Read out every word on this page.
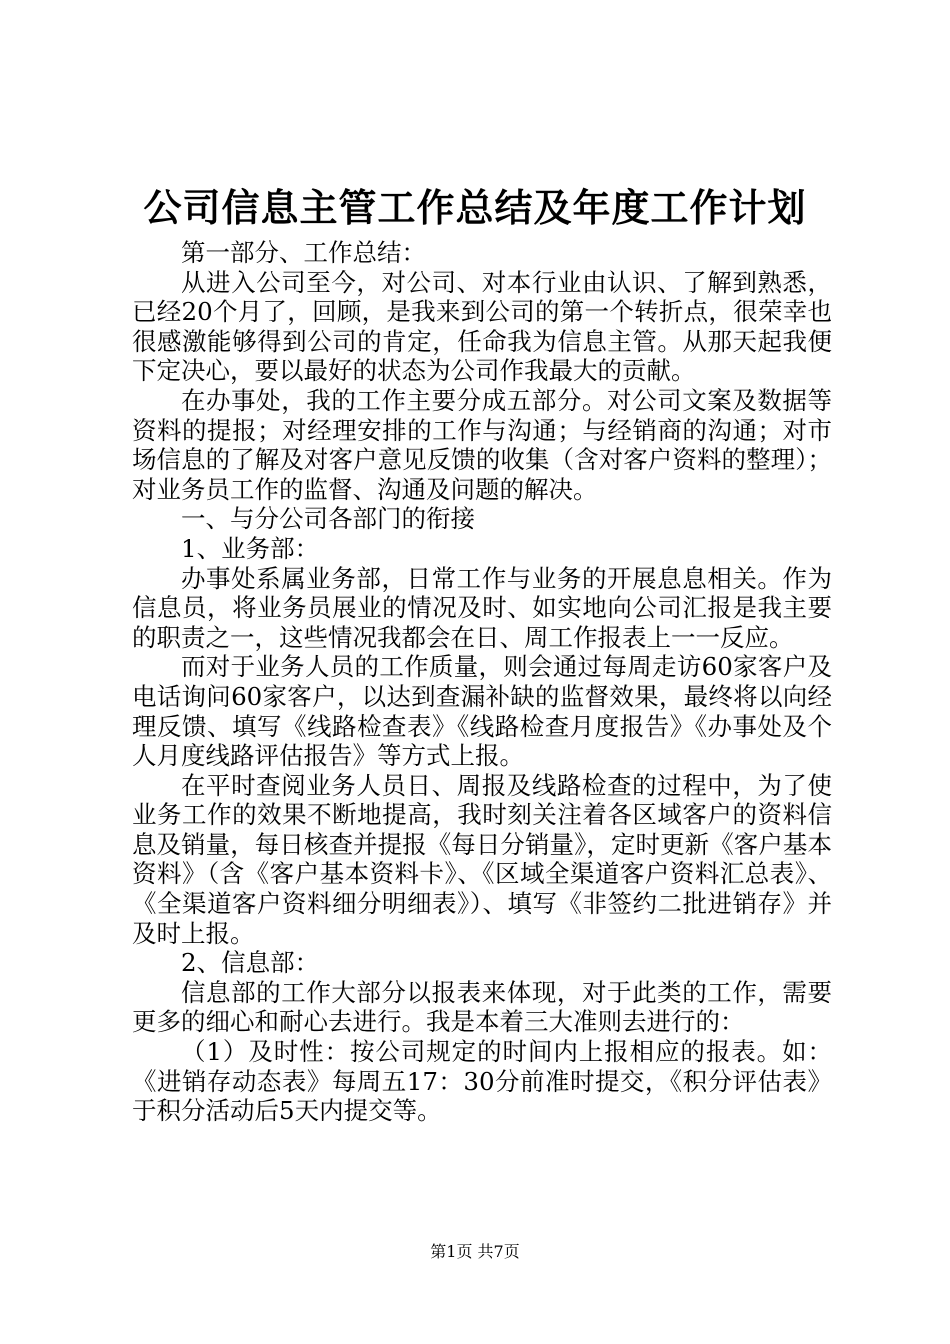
公司信息主管工作总结及年度工作计划

第一部分、工作总结：

从进入公司至今，对公司、对本行业由认识、了解到熟悉，已经20个月了，回顾，是我来到公司的第一个转折点，很荣幸也很感激能够得到公司的肯定，任命我为信息主管。从那天起我便下定决心，要以最好的状态为公司作我最大的贡献。

在办事处，我的工作主要分成五部分。对公司文案及数据等资料的提报；对经理安排的工作与沟通；与经销商的沟通；对市场信息的了解及对客户意见反馈的收集（含对客户资料的整理）；对业务员工作的监督、沟通及问题的解决。

一、与分公司各部门的衔接

1、业务部：

办事处系属业务部，日常工作与业务的开展息息相关。作为信息员，将业务员展业的情况及时、如实地向公司汇报是我主要的职责之一，这些情况我都会在日、周工作报表上一一反应。

而对于业务人员的工作质量，则会通过每周走访60家客户及电话询问60家客户，以达到查漏补缺的监督效果，最终将以向经理反馈、填写《线路检查表》《线路检查月度报告》《办事处及个人月度线路评估报告》等方式上报。

在平时查阅业务人员日、周报及线路检查的过程中，为了使业务工作的效果不断地提高，我时刻关注着各区域客户的资料信息及销量，每日核查并提报《每日分销量》，定时更新《客户基本资料》（含《客户基本资料卡》、《区域全渠道客户资料汇总表》、《全渠道客户资料细分明细表》）、填写《非签约二批进销存》并及时上报。

2、信息部：

信息部的工作大部分以报表来体现，对于此类的工作，需要更多的细心和耐心去进行。我是本着三大准则去进行的：

（1）及时性：按公司规定的时间内上报相应的报表。如：《进销存动态表》每周五17：30分前准时提交，《积分评估表》于积分活动后5天内提交等。

第1页 共7页
